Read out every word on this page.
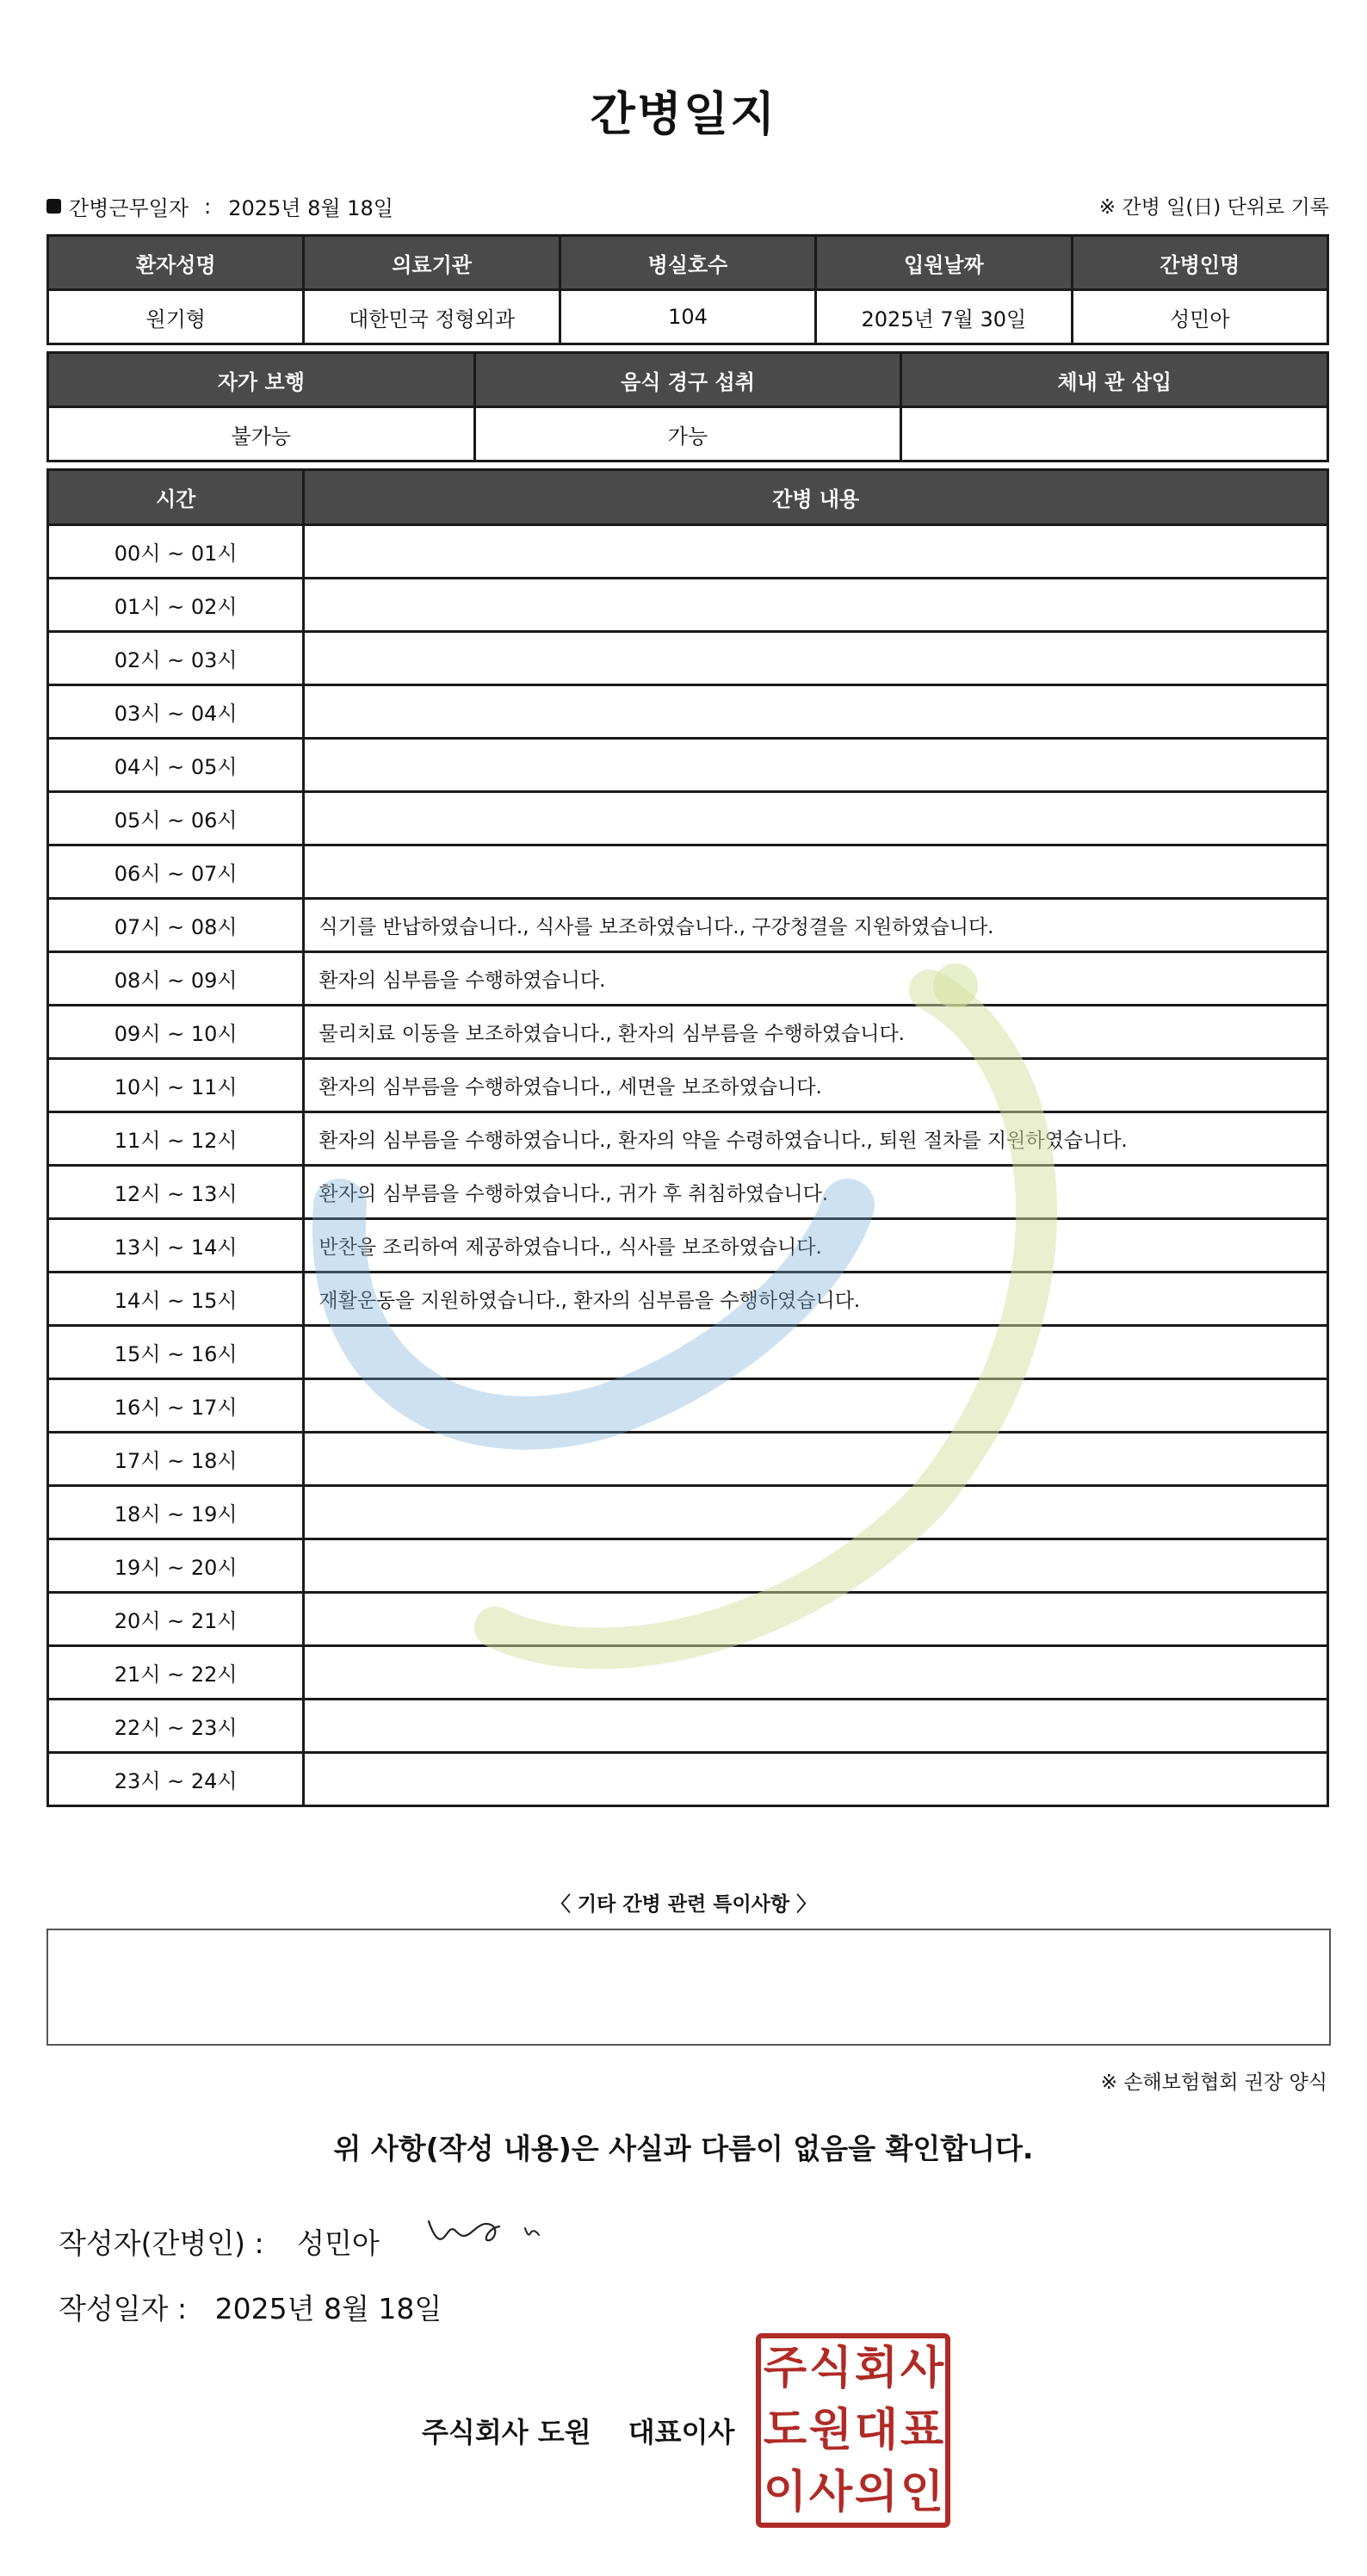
간병일지
간병근무일자 : 2025년 8월 18일	※ 간병 일(日) 단위로 기록
환자성명	의료기관	병실호수	입원날짜	간병인명
원기형	대한민국 정형외과	104	2025년 7월 30일	성민아
자가 보행	음식 경구 섭취	체내 관 삽입
불가능	가능	
시간	간병 내용
00시 ~ 01시	
01시 ~ 02시	
02시 ~ 03시	
03시 ~ 04시	
04시 ~ 05시	
05시 ~ 06시	
06시 ~ 07시	
07시 ~ 08시	식기를 반납하였습니다., 식사를 보조하였습니다., 구강청결을 지원하였습니다.
08시 ~ 09시	환자의 심부름을 수행하였습니다.
09시 ~ 10시	물리치료 이동을 보조하였습니다., 환자의 심부름을 수행하였습니다.
10시 ~ 11시	환자의 심부름을 수행하였습니다., 세면을 보조하였습니다.
11시 ~ 12시	환자의 심부름을 수행하였습니다., 환자의 약을 수령하였습니다., 퇴원 절차를 지원하였습니다.
12시 ~ 13시	환자의 심부름을 수행하였습니다., 귀가 후 취침하였습니다.
13시 ~ 14시	반찬을 조리하여 제공하였습니다., 식사를 보조하였습니다.
14시 ~ 15시	재활운동을 지원하였습니다., 환자의 심부름을 수행하였습니다.
15시 ~ 16시	
16시 ~ 17시	
17시 ~ 18시	
18시 ~ 19시	
19시 ~ 20시	
20시 ~ 21시	
21시 ~ 22시	
22시 ~ 23시	
23시 ~ 24시	
〈 기타 간병 관련 특이사항 〉
※ 손해보험협회 권장 양식
위 사항(작성 내용)은 사실과 다름이 없음을 확인합니다.
작성자(간병인) : 성민아
작성일자 : 2025년 8월 18일
주식회사 도원 대표이사
주 식 회 사
도 원 대 표
이 사 의 인
